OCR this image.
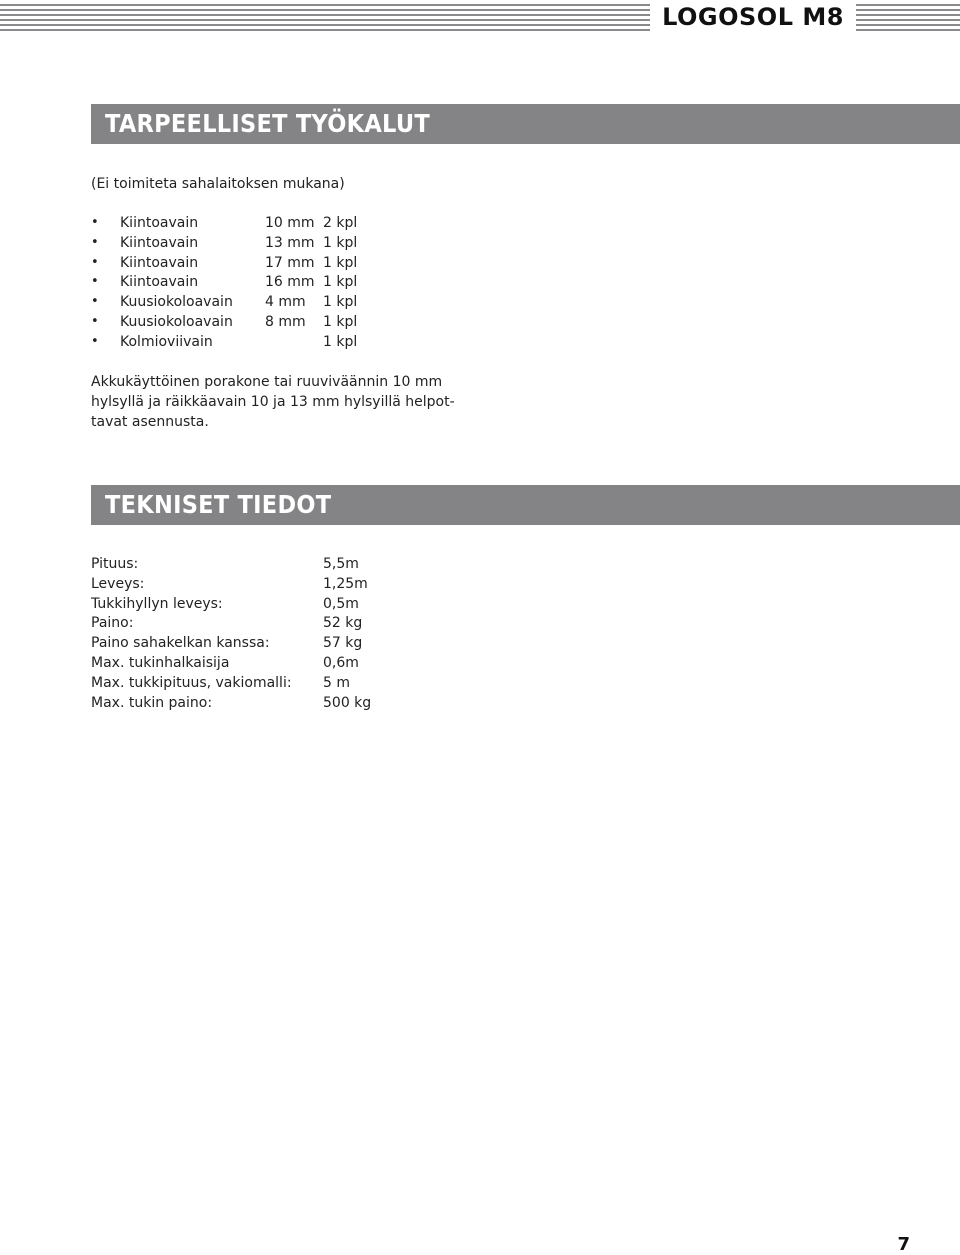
LOGOSOL M8
TARPEELLISET TYÖKALUT
(Ei toimiteta sahalaitoksen mukana)
• Kiintoavain	10 mm 2 kpl
• Kiintoavain	13 mm 1 kpl
• Kiintoavain	17 mm 1 kpl
• Kiintoavain	16 mm 1 kpl
• Kuusiokoloavain 4 mm 1 kpl
• Kuusiokoloavain 8 mm 1 kpl
• Kolmioviivain	1 kpl

Akkukäyttöinen porakone tai ruuviväännin 10 mm

hylsyllä ja räikkäavain 10 ja 13 mm hylsyillä helpot-

tavat asennusta.

TEKNISET TIEDOT
Pituus:	5,5m
Leveys:	1,25m
Tukkihyllyn leveys:	0,5m
Paino:	52 kg
Paino sahakelkan kanssa:	57 kg
Max. tukinhalkaisija	0,6m
Max. tukkipituus, vakiomalli: 5 m
Max. tukin paino:	500 kg
7
